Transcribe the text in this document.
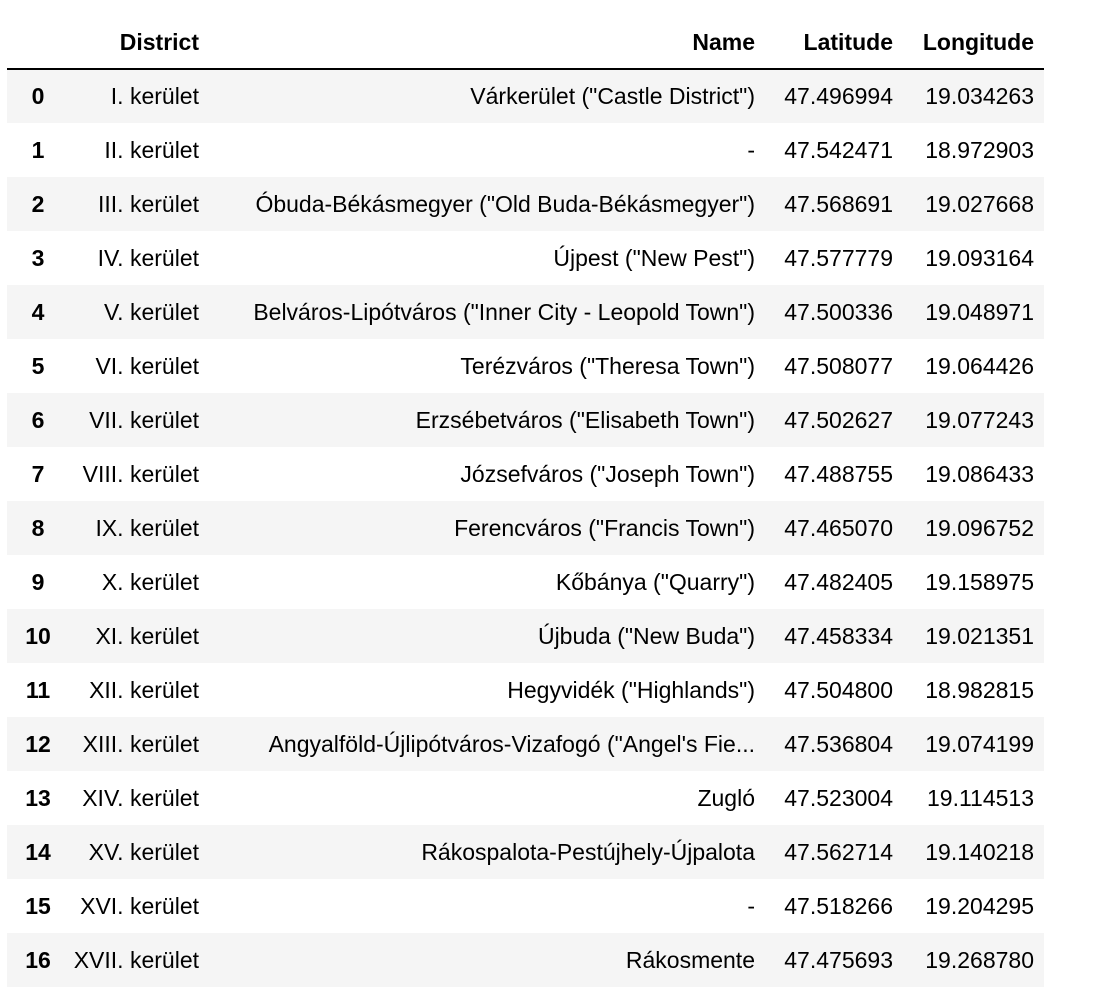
	District	Name	Latitude	Longitude
0	I. kerület	Várkerület ("Castle District")	47.496994	19.034263
1	II. kerület	-	47.542471	18.972903
2	III. kerület	Óbuda-Békásmegyer ("Old Buda-Békásmegyer")	47.568691	19.027668
3	IV. kerület	Újpest ("New Pest")	47.577779	19.093164
4	V. kerület	Belváros-Lipótváros ("Inner City - Leopold Town")	47.500336	19.048971
5	VI. kerület	Terézváros ("Theresa Town")	47.508077	19.064426
6	VII. kerület	Erzsébetváros ("Elisabeth Town")	47.502627	19.077243
7	VIII. kerület	Józsefváros ("Joseph Town")	47.488755	19.086433
8	IX. kerület	Ferencváros ("Francis Town")	47.465070	19.096752
9	X. kerület	Kőbánya ("Quarry")	47.482405	19.158975
10	XI. kerület	Újbuda ("New Buda")	47.458334	19.021351
11	XII. kerület	Hegyvidék ("Highlands")	47.504800	18.982815
12	XIII. kerület	Angyalföld-Újlipótváros-Vizafogó ("Angel's Fie...	47.536804	19.074199
13	XIV. kerület	Zugló	47.523004	19.114513
14	XV. kerület	Rákospalota-Pestújhely-Újpalota	47.562714	19.140218
15	XVI. kerület	-	47.518266	19.204295
16	XVII. kerület	Rákosmente	47.475693	19.268780
